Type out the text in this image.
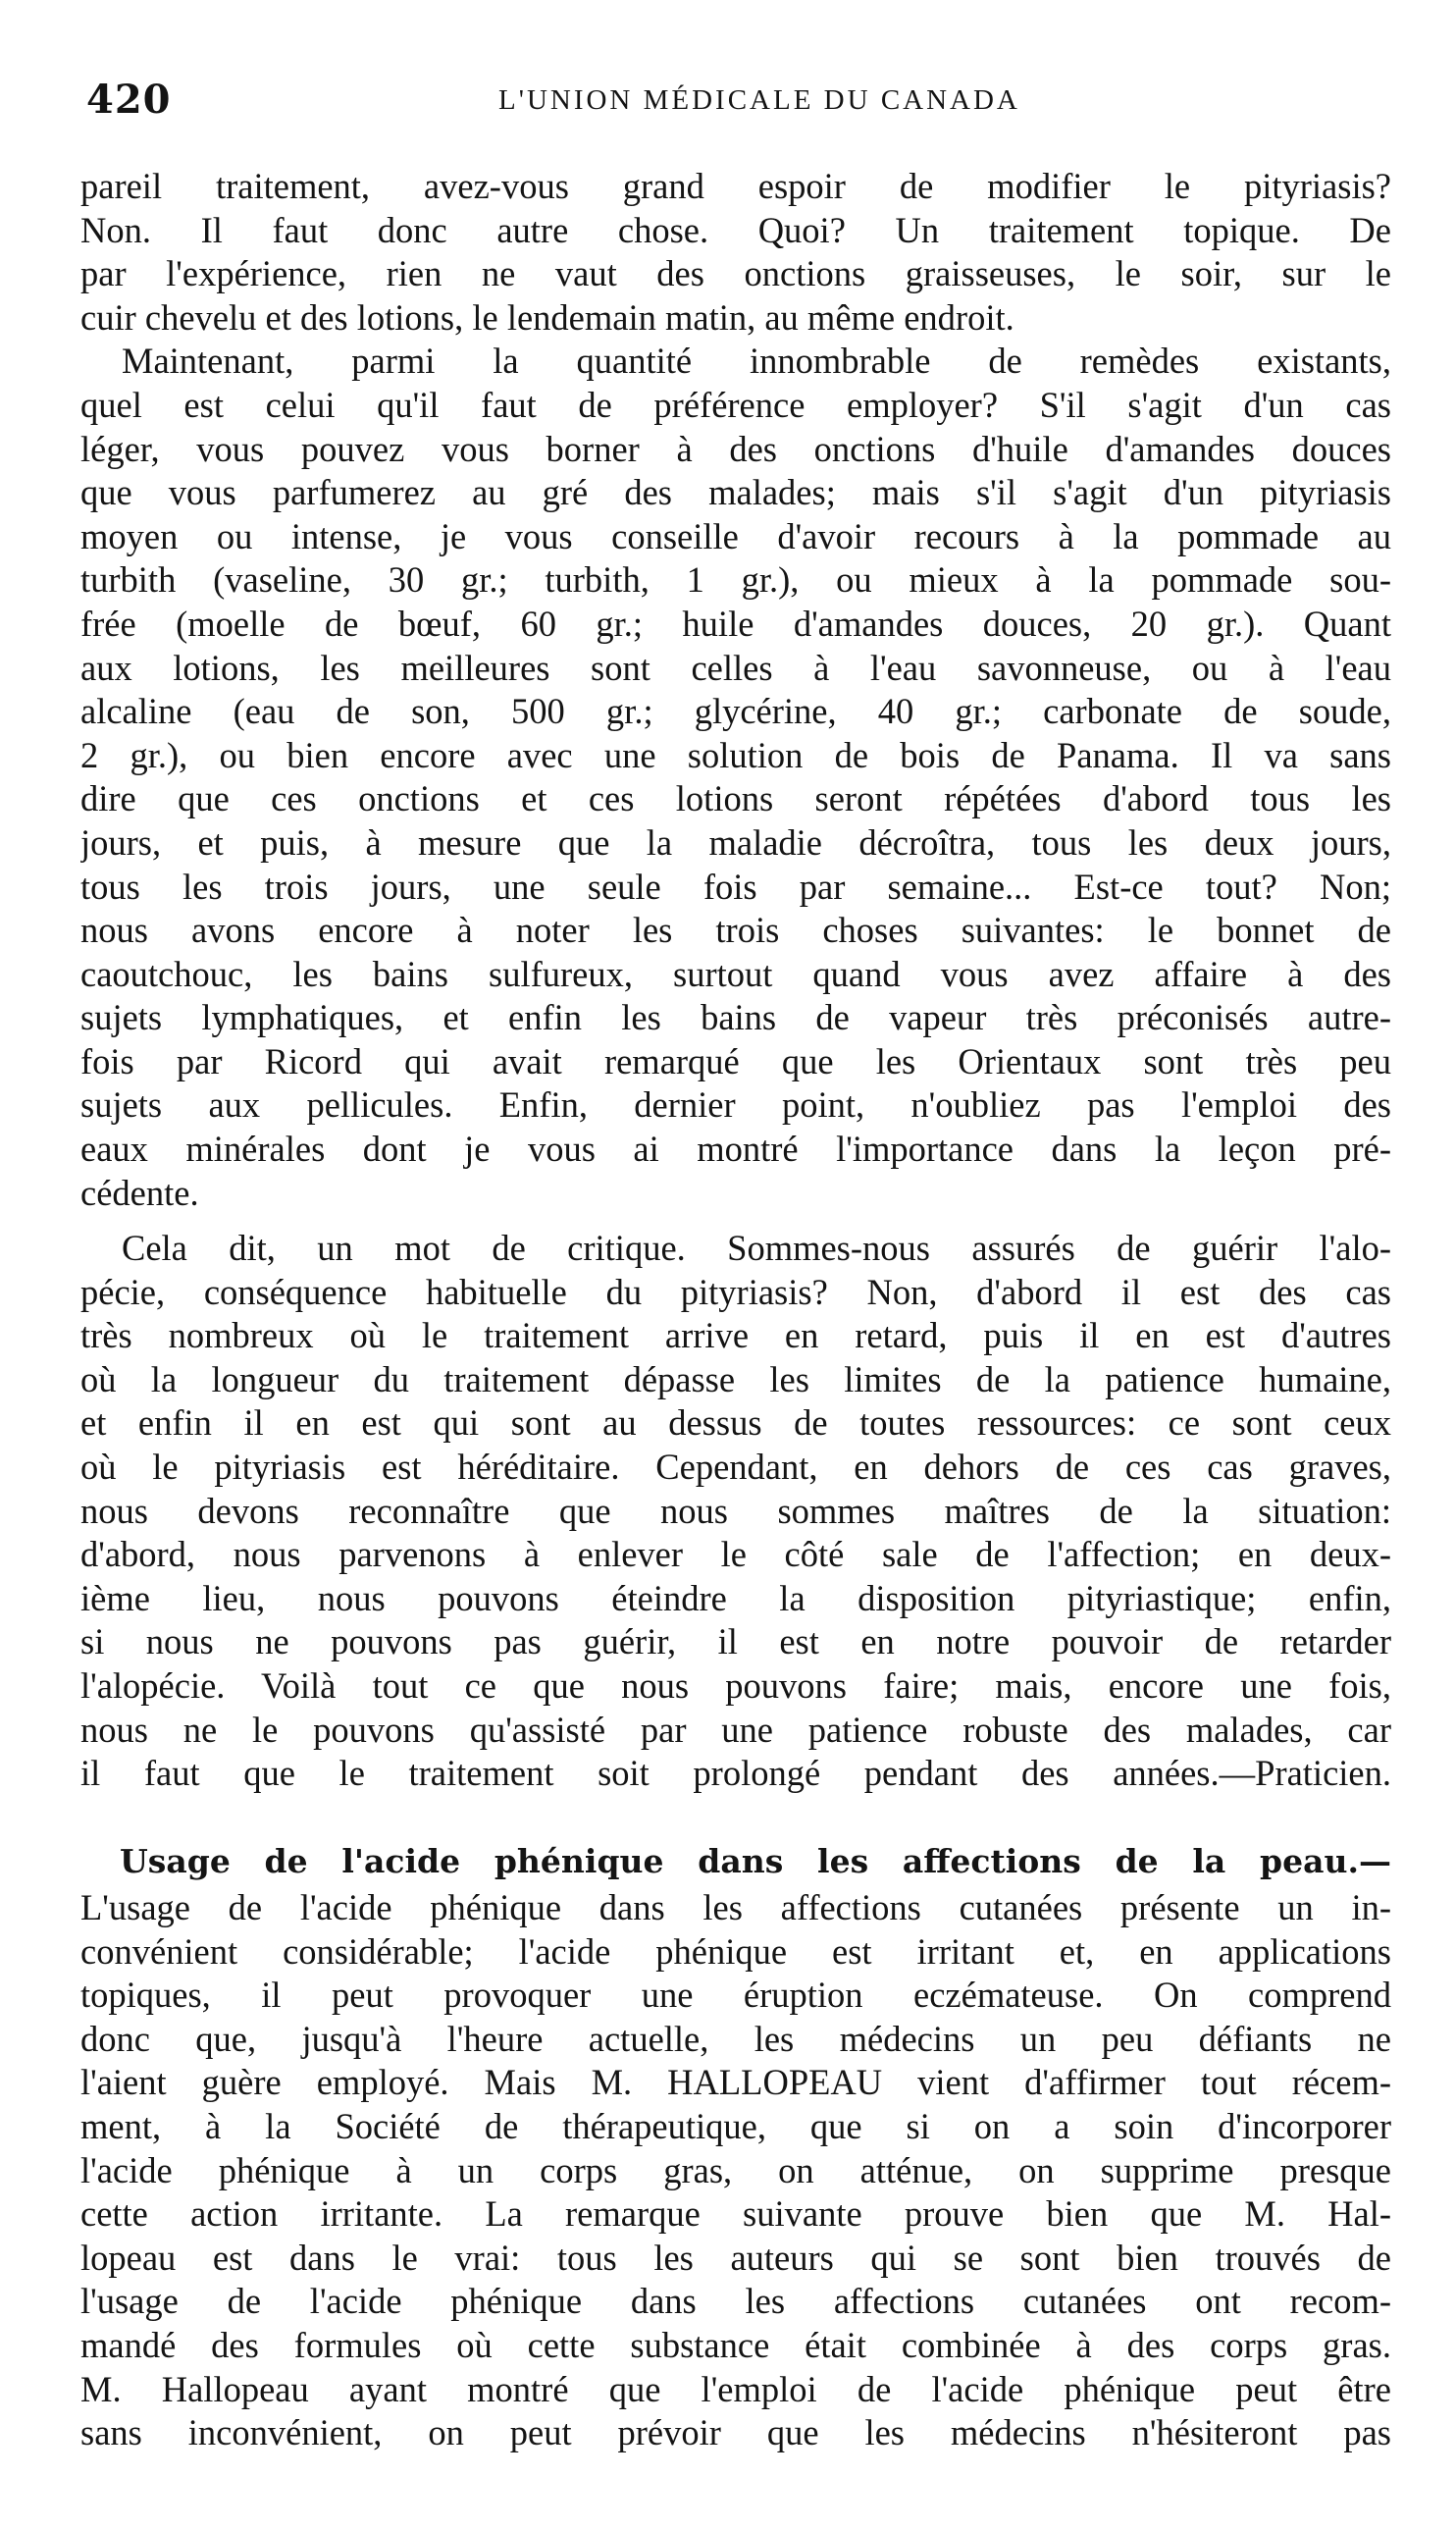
420	L'UNION MÉDICALE DU CANADA
pareil traitement, avez-vous grand espoir de modifier le pityriasis?
Non. Il faut donc autre chose. Quoi? Un traitement topique. De
par l'expérience, rien ne vaut des onctions graisseuses, le soir, sur le
cuir chevelu et des lotions, le lendemain matin, au même endroit.
Maintenant, parmi la quantité innombrable de remèdes existants,
quel est celui qu'il faut de préférence employer? S'il s'agit d'un cas
léger, vous pouvez vous borner à des onctions d'huile d'amandes douces
que vous parfumerez au gré des malades; mais s'il s'agit d'un pityriasis
moyen ou intense, je vous conseille d'avoir recours à la pommade au
turbith (vaseline, 30 gr.; turbith, 1 gr.), ou mieux à la pommade sou-
frée (moelle de bœuf, 60 gr.; huile d'amandes douces, 20 gr.). Quant
aux lotions, les meilleures sont celles à l'eau savonneuse, ou à l'eau
alcaline (eau de son, 500 gr.; glycérine, 40 gr.; carbonate de soude,
2 gr.), ou bien encore avec une solution de bois de Panama. Il va sans
dire que ces onctions et ces lotions seront répétées d'abord tous les
jours, et puis, à mesure que la maladie décroîtra, tous les deux jours,
tous les trois jours, une seule fois par semaine... Est-ce tout? Non;
nous avons encore à noter les trois choses suivantes: le bonnet de
caoutchouc, les bains sulfureux, surtout quand vous avez affaire à des
sujets lymphatiques, et enfin les bains de vapeur très préconisés autre-
fois par Ricord qui avait remarqué que les Orientaux sont très peu
sujets aux pellicules. Enfin, dernier point, n'oubliez pas l'emploi des
eaux minérales dont je vous ai montré l'importance dans la leçon pré-
cédente.
Cela dit, un mot de critique. Sommes-nous assurés de guérir l'alo-
pécie, conséquence habituelle du pityriasis? Non, d'abord il est des cas
très nombreux où le traitement arrive en retard, puis il en est d'autres
où la longueur du traitement dépasse les limites de la patience humaine,
et enfin il en est qui sont au dessus de toutes ressources: ce sont ceux
où le pityriasis est héréditaire. Cependant, en dehors de ces cas graves,
nous devons reconnaître que nous sommes maîtres de la situation:
d'abord, nous parvenons à enlever le côté sale de l'affection; en deux-
ième lieu, nous pouvons éteindre la disposition pityriastique; enfin,
si nous ne pouvons pas guérir, il est en notre pouvoir de retarder
l'alopécie. Voilà tout ce que nous pouvons faire; mais, encore une fois,
nous ne le pouvons qu'assisté par une patience robuste des malades, car
il faut que le traitement soit prolongé pendant des années.—Praticien.
Usage de l'acide phénique dans les affections de la peau.—
L'usage de l'acide phénique dans les affections cutanées présente un in-
convénient considérable; l'acide phénique est irritant et, en applications
topiques, il peut provoquer une éruption eczémateuse. On comprend
donc que, jusqu'à l'heure actuelle, les médecins un peu défiants ne
l'aient guère employé. Mais M. HALLOPEAU vient d'affirmer tout récem-
ment, à la Société de thérapeutique, que si on a soin d'incorporer
l'acide phénique à un corps gras, on atténue, on supprime presque
cette action irritante. La remarque suivante prouve bien que M. Hal-
lopeau est dans le vrai: tous les auteurs qui se sont bien trouvés de
l'usage de l'acide phénique dans les affections cutanées ont recom-
mandé des formules où cette substance était combinée à des corps gras.
M. Hallopeau ayant montré que l'emploi de l'acide phénique peut être
sans inconvénient, on peut prévoir que les médecins n'hésiteront pas
